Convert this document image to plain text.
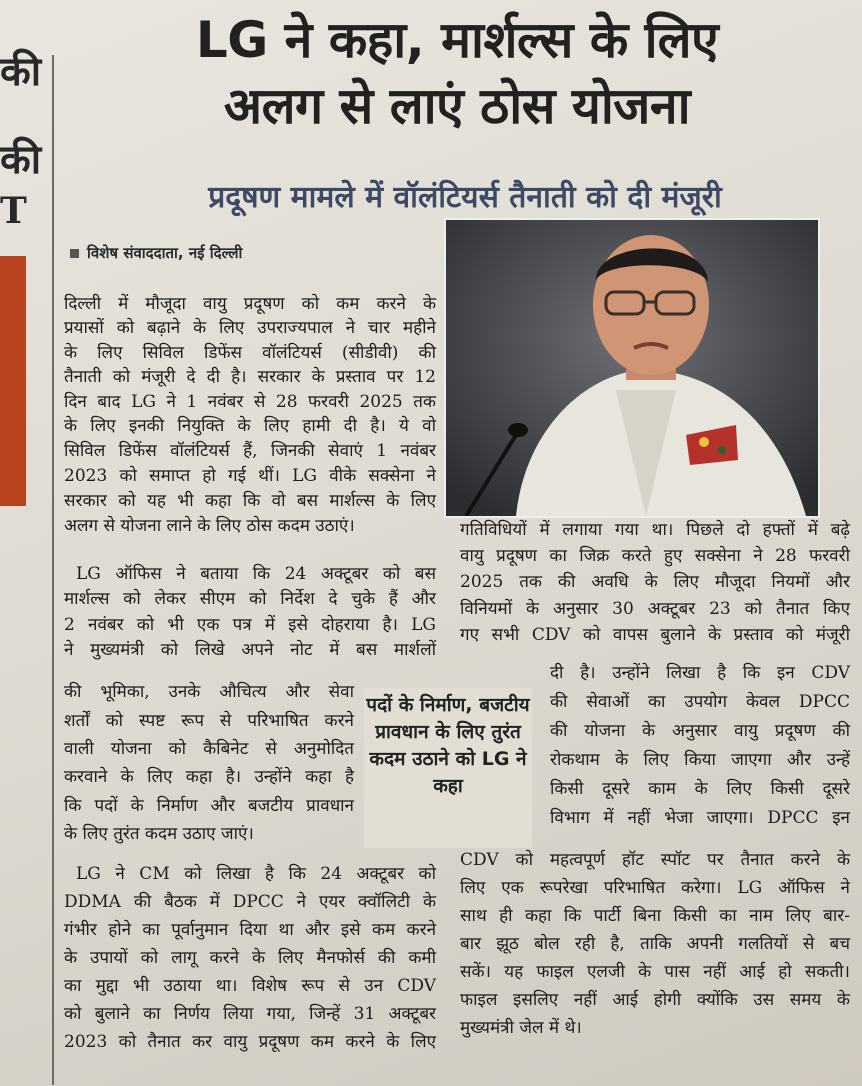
की
की
T
LG ने कहा, मार्शल्स के लिए
अलग से लाएं ठोस योजना
प्रदूषण मामले में वॉलंटियर्स तैनाती को दी मंजूरी
विशेष संवाददाता, नई दिल्ली
दिल्ली में मौजूदा वायु प्रदूषण को कम करने के
प्रयासों को बढ़ाने के लिए उपराज्यपाल ने चार महीने
के लिए सिविल डिफेंस वॉलंटियर्स (सीडीवी) की
तैनाती को मंजूरी दे दी है। सरकार के प्रस्ताव पर 12
दिन बाद LG ने 1 नवंबर से 28 फरवरी 2025 तक
के लिए इनकी नियुक्ति के लिए हामी दी है। ये वो
सिविल डिफेंस वॉलंटियर्स हैं, जिनकी सेवाएं 1 नवंबर
2023 को समाप्त हो गई थीं। LG वीके सक्सेना ने
सरकार को यह भी कहा कि वो बस मार्शल्स के लिए
अलग से योजना लाने के लिए ठोस कदम उठाएं।
LG ऑफिस ने बताया कि 24 अक्टूबर को बस
मार्शल्स को लेकर सीएम को निर्देश दे चुके हैं और
2 नवंबर को भी एक पत्र में इसे दोहराया है। LG
ने मुख्यमंत्री को लिखे अपने नोट में बस मार्शलों
की भूमिका, उनके औचित्य और सेवा
शर्तों को स्पष्ट रूप से परिभाषित करने
वाली योजना को कैबिनेट से अनुमोदित
करवाने के लिए कहा है। उन्होंने कहा है
कि पदों के निर्माण और बजटीय प्रावधान
के लिए तुरंत कदम उठाए जाएं।
LG ने CM को लिखा है कि 24 अक्टूबर को
DDMA की बैठक में DPCC ने एयर क्वॉलिटी के
गंभीर होने का पूर्वानुमान दिया था और इसे कम करने
के उपायों को लागू करने के लिए मैनफोर्स की कमी
का मुद्दा भी उठाया था। विशेष रूप से उन CDV
को बुलाने का निर्णय लिया गया, जिन्हें 31 अक्टूबर
2023 को तैनात कर वायु प्रदूषण कम करने के लिए
पदों के निर्माण, बजटीय प्रावधान के लिए तुरंत कदम उठाने को LG ने कहा
गतिविधियों में लगाया गया था। पिछले दो हफ्तों में बढ़े
वायु प्रदूषण का जिक्र करते हुए सक्सेना ने 28 फरवरी
2025 तक की अवधि के लिए मौजूदा नियमों और
विनियमों के अनुसार 30 अक्टूबर 23 को तैनात किए
गए सभी CDV को वापस बुलाने के प्रस्ताव को मंजूरी
दी है। उन्होंने लिखा है कि इन CDV
की सेवाओं का उपयोग केवल DPCC
की योजना के अनुसार वायु प्रदूषण की
रोकथाम के लिए किया जाएगा और उन्हें
किसी दूसरे काम के लिए किसी दूसरे
विभाग में नहीं भेजा जाएगा। DPCC इन
CDV को महत्वपूर्ण हॉट स्पॉट पर तैनात करने के
लिए एक रूपरेखा परिभाषित करेगा। LG ऑफिस ने
साथ ही कहा कि पार्टी बिना किसी का नाम लिए बार-
बार झूठ बोल रही है, ताकि अपनी गलतियों से बच
सकें। यह फाइल एलजी के पास नहीं आई हो सकती।
फाइल इसलिए नहीं आई होगी क्योंकि उस समय के
मुख्यमंत्री जेल में थे।
